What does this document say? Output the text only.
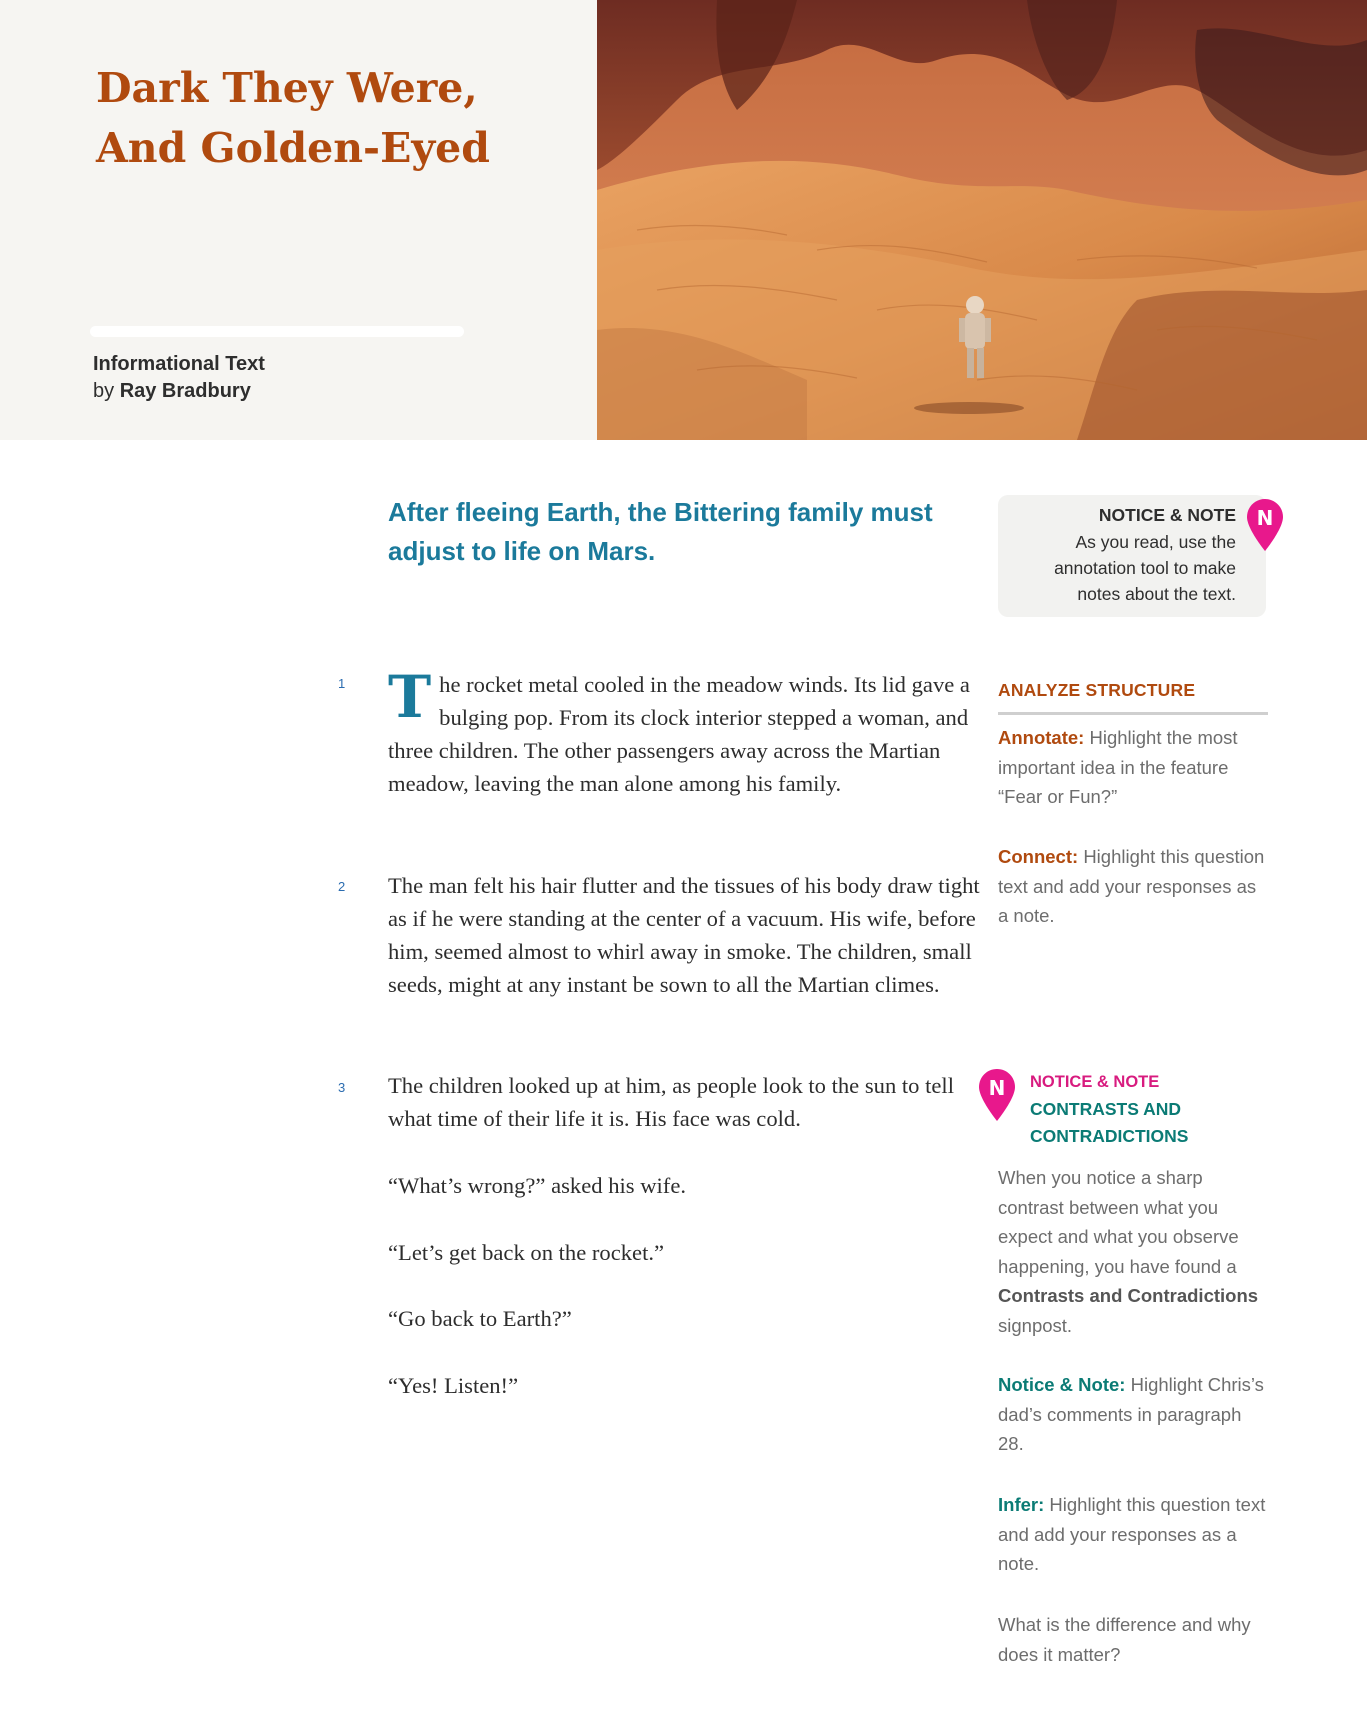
Dark They Were,
And Golden-Eyed
Informational Text
by Ray Bradbury

After fleeing Earth, the Bittering family must adjust to life on Mars.

1 The rocket metal cooled in the meadow winds. Its lid gave a bulging pop. From its clock interior stepped a woman, and three children. The other passengers away across the Martian meadow, leaving the man alone among his family.
2 The man felt his hair flutter and the tissues of his body draw tight as if he were standing at the center of a vacuum. His wife, before him, seemed almost to whirl away in smoke. The children, small seeds, might at any instant be sown to all the Martian climes.
3 The children looked up at him, as people look to the sun to tell what time of their life it is. His face was cold.
“What’s wrong?” asked his wife.
“Let’s get back on the rocket.”
“Go back to Earth?”
“Yes! Listen!”
NOTICE & NOTE
As you read, use the annotation tool to make notes about the text.
N
ANALYZE STRUCTURE

Annotate: Highlight the most important idea in the feature “Fear or Fun?”

Connect: Highlight this question text and add your responses as a note.

N NOTICE & NOTE
CONTRASTS AND CONTRADICTIONS

When you notice a sharp contrast between what you expect and what you observe happening, you have found a Contrasts and Contradictions signpost.

Notice & Note: Highlight Chris’s dad’s comments in paragraph 28.

Infer: Highlight this question text and add your responses as a note.

What is the difference and why does it matter?
